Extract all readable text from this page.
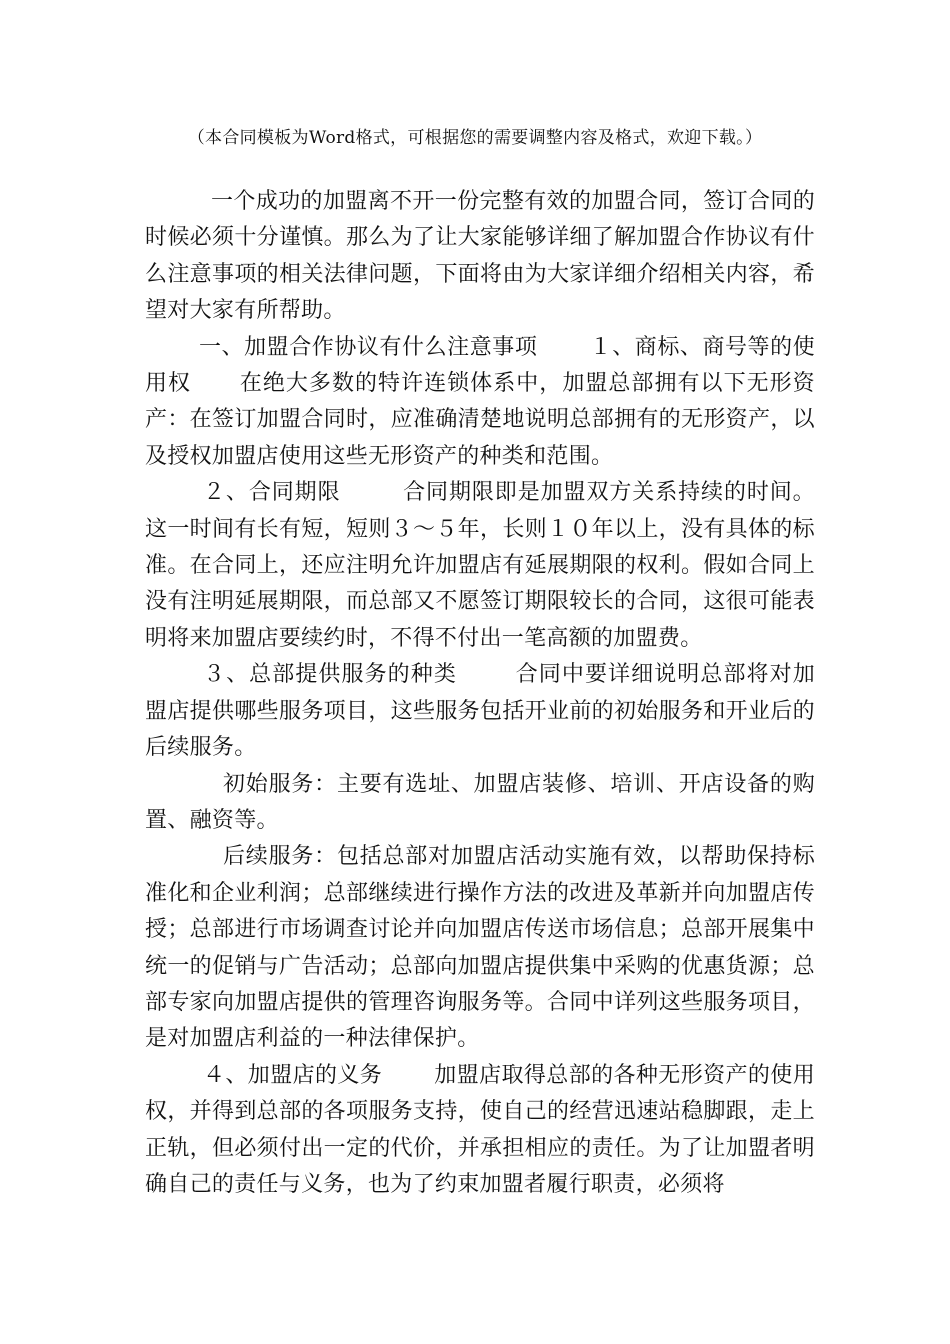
（本合同模板为Word格式，可根据您的需要调整内容及格式，欢迎下载。）

一个成功的加盟离不开一份完整有效的加盟合同，签订合同的时候必须十分谨慎。那么为了让大家能够详细了解加盟合作协议有什么注意事项的相关法律问题，下面将由为大家详细介绍相关内容，希望对大家有所帮助。

一、加盟合作协议有什么注意事项 １、商标、商号等的使用权 在绝大多数的特许连锁体系中，加盟总部拥有以下无形资产：在签订加盟合同时，应准确清楚地说明总部拥有的无形资产，以及授权加盟店使用这些无形资产的种类和范围。

２、合同期限	合同期限即是加盟双方关系持续的时间。这一时间有长有短，短则３～５年，长则１０年以上，没有具体的标准。在合同上，还应注明允许加盟店有延展期限的权利。假如合同上没有注明延展期限，而总部又不愿签订期限较长的合同，这很可能表明将来加盟店要续约时，不得不付出一笔高额的加盟费。

３、总部提供服务的种类	合同中要详细说明总部将对加盟店提供哪些服务项目，这些服务包括开业前的初始服务和开业后的后续服务。

初始服务：主要有选址、加盟店装修、培训、开店设备的购置、融资等。

后续服务：包括总部对加盟店活动实施有效，以帮助保持标准化和企业利润；总部继续进行操作方法的改进及革新并向加盟店传授；总部进行市场调查讨论并向加盟店传送市场信息；总部开展集中统一的促销与广告活动；总部向加盟店提供集中采购的优惠货源；总部专家向加盟店提供的管理咨询服务等。合同中详列这些服务项目，是对加盟店利益的一种法律保护。

４、加盟店的义务 加盟店取得总部的各种无形资产的使用权，并得到总部的各项服务支持，使自己的经营迅速站稳脚跟，走上正轨，但必须付出一定的代价，并承担相应的责任。为了让加盟者明确自己的责任与义务，也为了约束加盟者履行职责，必须将
